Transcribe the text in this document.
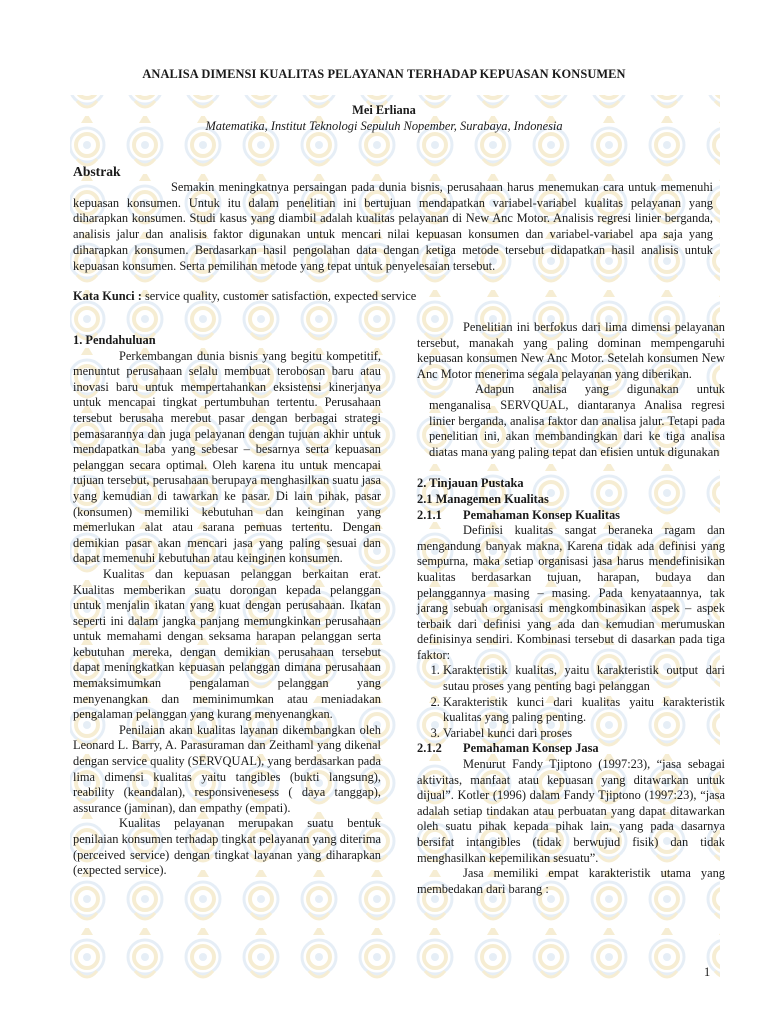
ANALISA DIMENSI KUALITAS PELAYANAN TERHADAP KEPUASAN KONSUMEN
Mei Erliana
Matematika, Institut Teknologi Sepuluh Nopember, Surabaya, Indonesia
Abstrak

Semakin meningkatnya persaingan pada dunia bisnis, perusahaan harus menemukan cara untuk memenuhi kepuasan konsumen. Untuk itu dalam penelitian ini bertujuan mendapatkan variabel-variabel kualitas pelayanan yang diharapkan konsumen. Studi kasus yang diambil adalah kualitas pelayanan di New Anc Motor. Analisis regresi linier berganda, analisis jalur dan analisis faktor digunakan untuk mencari nilai kepuasan konsumen dan variabel-variabel apa saja yang diharapkan konsumen. Berdasarkan hasil pengolahan data dengan ketiga metode tersebut didapatkan hasil analisis untuk kepuasan konsumen. Serta pemilihan metode yang tepat untuk penyelesaian tersebut.

Kata Kunci : service quality, customer satisfaction, expected service

1. Pendahuluan

Perkembangan dunia bisnis yang begitu kompetitif, menuntut perusahaan selalu membuat terobosan baru atau inovasi baru untuk mempertahankan eksistensi kinerjanya untuk mencapai tingkat pertumbuhan tertentu. Perusahaan tersebut berusaha merebut pasar dengan berbagai strategi pemasarannya dan juga pelayanan dengan tujuan akhir untuk mendapatkan laba yang sebesar – besarnya serta kepuasan pelanggan secara optimal. Oleh karena itu untuk mencapai tujuan tersebut, perusahaan berupaya menghasilkan suatu jasa yang kemudian di tawarkan ke pasar. Di lain pihak, pasar (konsumen) memiliki kebutuhan dan keinginan yang memerlukan alat atau sarana pemuas tertentu. Dengan demikian pasar akan mencari jasa yang paling sesuai dan dapat memenuhi kebutuhan atau keinginen konsumen.

Kualitas dan kepuasan pelanggan berkaitan erat. Kualitas memberikan suatu dorongan kepada pelanggan untuk menjalin ikatan yang kuat dengan perusahaan. Ikatan seperti ini dalam jangka panjang memungkinkan perusahaan untuk memahami dengan seksama harapan pelanggan serta kebutuhan mereka, dengan demikian perusahaan tersebut dapat meningkatkan kepuasan pelanggan dimana perusahaan memaksimumkan pengalaman pelanggan yang menyenangkan dan meminimumkan atau meniadakan pengalaman pelanggan yang kurang menyenangkan.

Penilaian akan kualitas layanan dikembangkan oleh Leonard L. Barry, A. Parasuraman dan Zeithaml yang dikenal dengan service quality (SERVQUAL), yang berdasarkan pada lima dimensi kualitas yaitu tangibles (bukti langsung), reability (keandalan), responsivenesess ( daya tanggap), assurance (jaminan), dan empathy (empati).

Kualitas pelayanan merupakan suatu bentuk penilaian konsumen terhadap tingkat pelayanan yang diterima (perceived service) dengan tingkat layanan yang diharapkan (expected service).

Penelitian ini berfokus dari lima dimensi pelayanan tersebut, manakah yang paling dominan mempengaruhi kepuasan konsumen New Anc Motor. Setelah konsumen New Anc Motor menerima segala pelayanan yang diberikan.

Adapun analisa yang digunakan untuk menganalisa SERVQUAL, diantaranya Analisa regresi linier berganda, analisa faktor dan analisa jalur. Tetapi pada penelitian ini, akan membandingkan dari ke tiga analisa diatas mana yang paling tepat dan efisien untuk digunakan

2. Tinjauan Pustaka

2.1 Managemen Kualitas

2.1.1 Pemahaman Konsep Kualitas

Definisi kualitas sangat beraneka ragam dan mengandung banyak makna, Karena tidak ada definisi yang sempurna, maka setiap organisasi jasa harus mendefinisikan kualitas berdasarkan tujuan, harapan, budaya dan pelanggannya masing – masing. Pada kenyataannya, tak jarang sebuah organisasi mengkombinasikan aspek – aspek terbaik dari definisi yang ada dan kemudian merumuskan definisinya sendiri. Kombinasi tersebut di dasarkan pada tiga faktor:

1. Karakteristik kualitas, yaitu karakteristik output dari sutau proses yang penting bagi pelanggan
2. Karakteristik kunci dari kualitas yaitu karakteristik kualitas yang paling penting.
3. Variabel kunci dari proses

2.1.2 Pemahaman Konsep Jasa

Menurut Fandy Tjiptono (1997:23), “jasa sebagai aktivitas, manfaat atau kepuasan yang ditawarkan untuk dijual”. Kotler (1996) dalam Fandy Tjiptono (1997:23), “jasa adalah setiap tindakan atau perbuatan yang dapat ditawarkan oleh suatu pihak kepada pihak lain, yang pada dasarnya bersifat intangibles (tidak berwujud fisik) dan tidak menghasilkan kepemilikan sesuatu”.

Jasa memiliki empat karakteristik utama yang membedakan dari barang :

1
